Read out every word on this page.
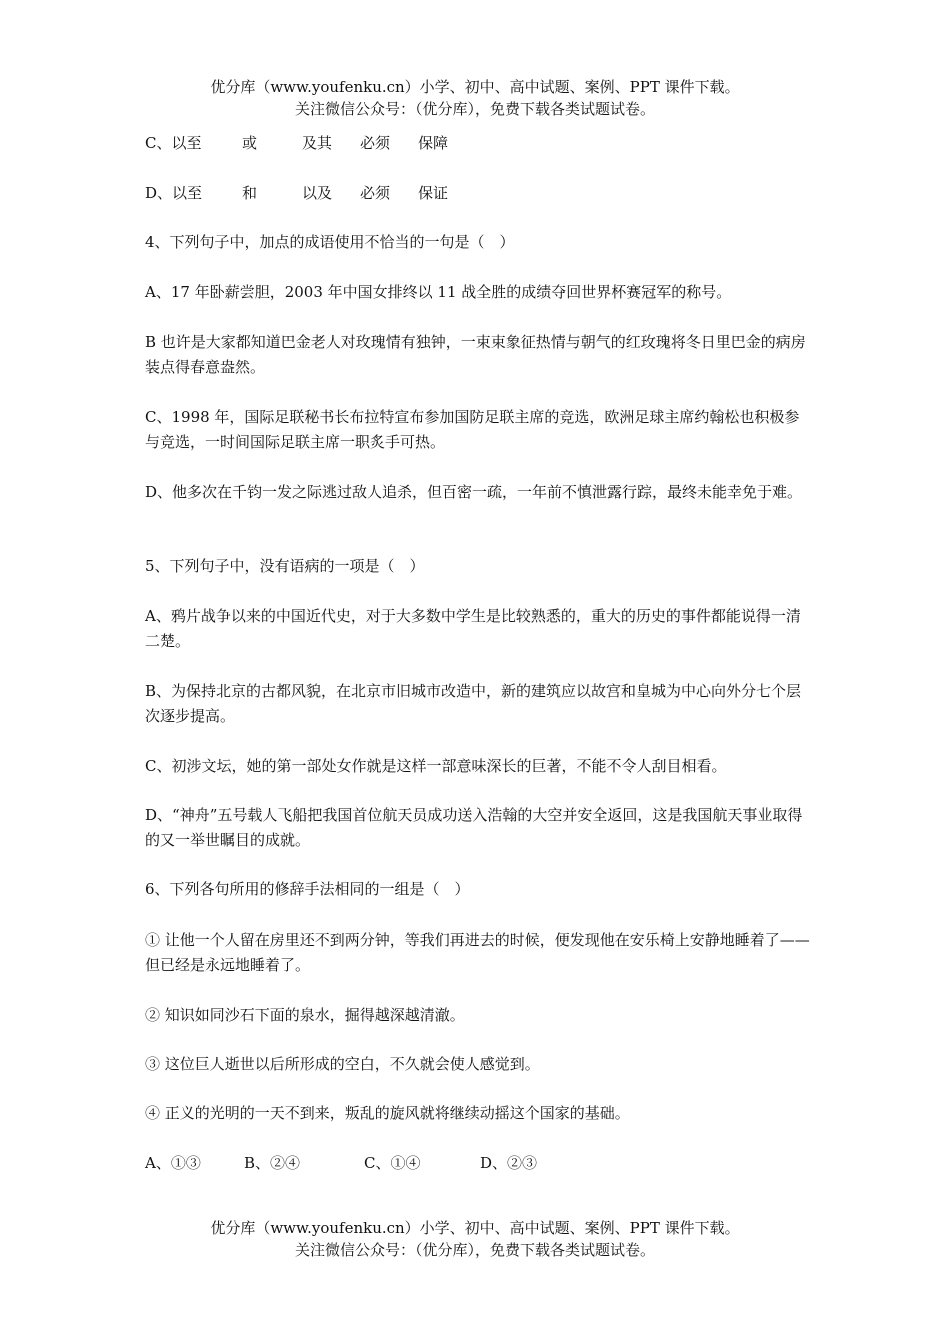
优分库（www.youfenku.cn）小学、初中、高中试题、案例、PPT 课件下载。
关注微信公众号：（优分库），免费下载各类试题试卷。
C、以至	或	及其 必须 保障
D、以至	和	以及 必须 保证
4、下列句子中，加点的成语使用不恰当的一句是（　）
A、17 年卧薪尝胆，2003 年中国女排终以 11 战全胜的成绩夺回世界杯赛冠军的称号。
B 也许是大家都知道巴金老人对玫瑰情有独钟，一束束象征热情与朝气的红玫瑰将冬日里巴金的病房装点得春意盎然。
C、1998 年，国际足联秘书长布拉特宣布参加国防足联主席的竞选，欧洲足球主席约翰松也积极参与竞选，一时间国际足联主席一职炙手可热。
D、他多次在千钧一发之际逃过敌人追杀，但百密一疏，一年前不慎泄露行踪，最终未能幸免于难。
5、下列句子中，没有语病的一项是（　）
A、鸦片战争以来的中国近代史，对于大多数中学生是比较熟悉的，重大的历史的事件都能说得一清二楚。
B、为保持北京的古都风貌，在北京市旧城市改造中，新的建筑应以故宫和皇城为中心向外分七个层次逐步提高。
C、初涉文坛，她的第一部处女作就是这样一部意味深长的巨著，不能不令人刮目相看。
D、“神舟”五号载人飞船把我国首位航天员成功送入浩翰的大空并安全返回，这是我国航天事业取得的又一举世瞩目的成就。
6、下列各句所用的修辞手法相同的一组是（　）
① 让他一个人留在房里还不到两分钟，等我们再进去的时候，便发现他在安乐椅上安静地睡着了——但已经是永远地睡着了。
② 知识如同沙石下面的泉水，掘得越深越清澈。
③ 这位巨人逝世以后所形成的空白，不久就会使人感觉到。
④ 正义的光明的一天不到来，叛乱的旋风就将继续动摇这个国家的基础。
A、①③	B、②④	C、①④	D、②③
优分库（www.youfenku.cn）小学、初中、高中试题、案例、PPT 课件下载。
关注微信公众号：（优分库），免费下载各类试题试卷。
